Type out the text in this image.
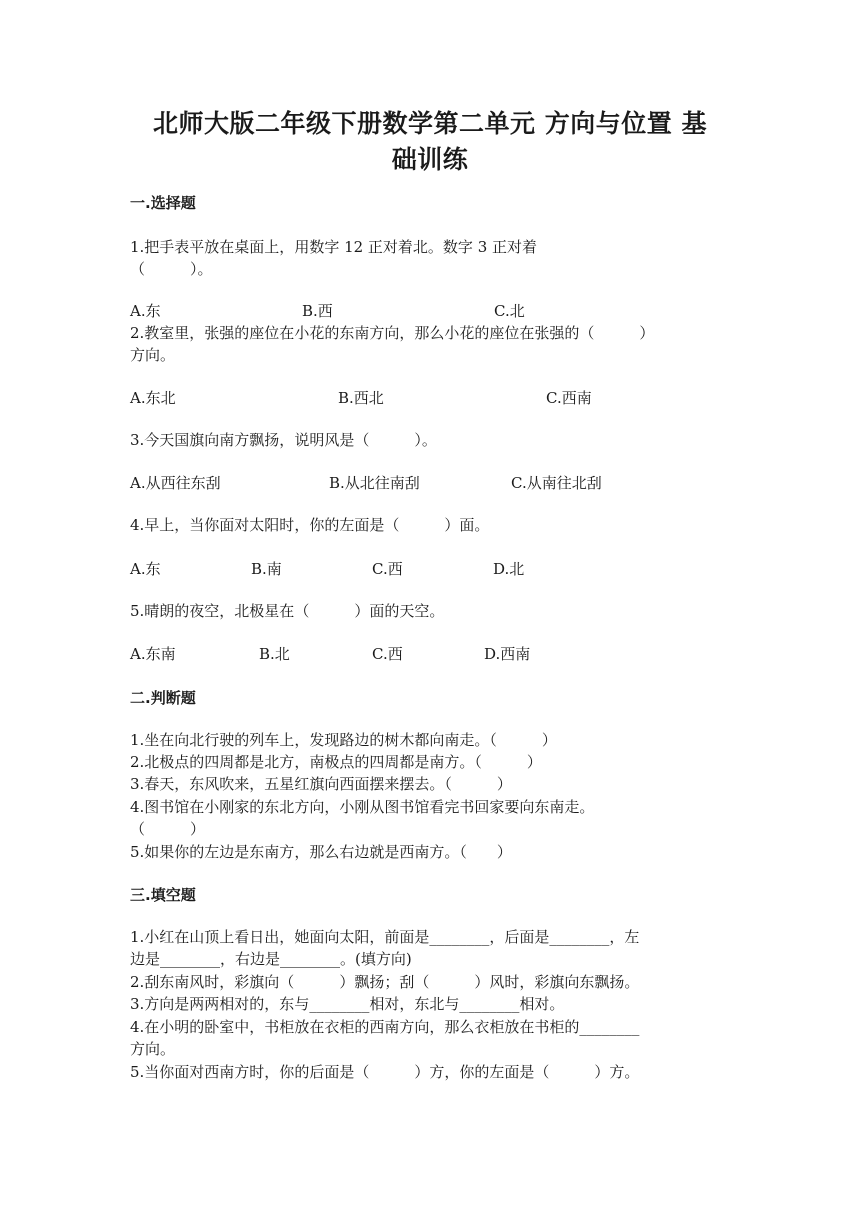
北师大版二年级下册数学第二单元 方向与位置 基
础训练
一.选择题

1.把手表平放在桌面上，用数字 12 正对着北。数字 3 正对着

（　　　）。

A.东	B.西	C.北

2.教室里，张强的座位在小花的东南方向，那么小花的座位在张强的（　　　）

方向。

A.东北	B.西北	C.西南

3.今天国旗向南方飘扬，说明风是（　　　）。

A.从西往东刮	B.从北往南刮	C.从南往北刮

4.早上，当你面对太阳时，你的左面是（　　　）面。

A.东	B.南	C.西	D.北

5.晴朗的夜空，北极星在（　　　）面的天空。

A.东南	B.北	C.西	D.西南
二.判断题

1.坐在向北行驶的列车上，发现路边的树木都向南走。（　　　）

2.北极点的四周都是北方，南极点的四周都是南方。（　　　）

3.春天，东风吹来，五星红旗向西面摆来摆去。（　　　）

4.图书馆在小刚家的东北方向，小刚从图书馆看完书回家要向东南走。

（　　　）

5.如果你的左边是东南方，那么右边就是西南方。（　　）

三.填空题

1.小红在山顶上看日出，她面向太阳，前面是________，后面是________，左

边是________，右边是________。(填方向)

2.刮东南风时，彩旗向（　　　）飘扬；刮（　　　）风时，彩旗向东飘扬。

3.方向是两两相对的，东与________相对，东北与________相对。

4.在小明的卧室中，书柜放在衣柜的西南方向，那么衣柜放在书柜的________

方向。

5.当你面对西南方时，你的后面是（　　　）方，你的左面是（　　　）方。
